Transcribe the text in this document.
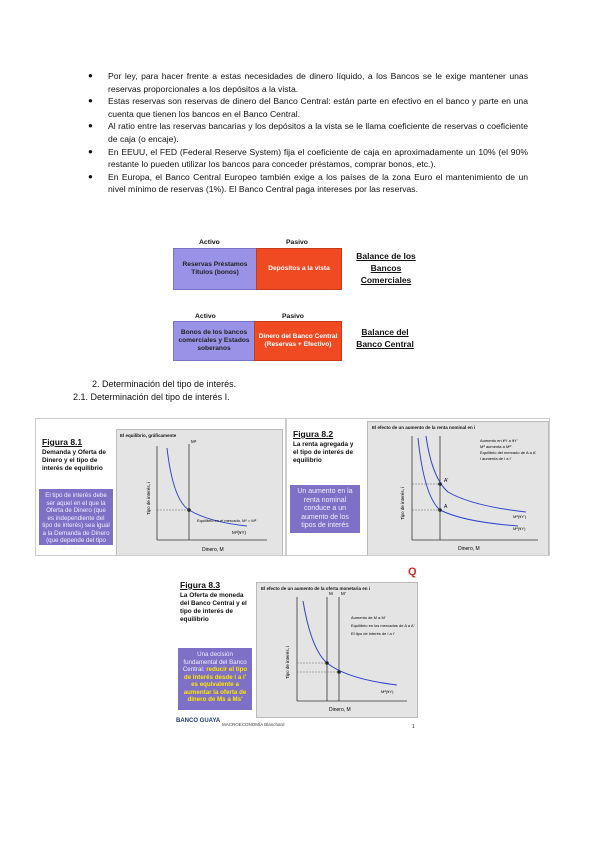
●	Por ley, para hacer frente a estas necesidades de dinero líquido, a los Bancos se le exige mantener unas reservas proporcionales a los depósitos a la vista.
●	Estas reservas son reservas de dinero del Banco Central: están parte en efectivo en el banco y parte en una cuenta que tienen los bancos en el Banco Central.
●	Al ratio entre las reservas bancarias y los depósitos a la vista se le llama coeficiente de reservas o coeficiente de caja (o encaje).
●	En EEUU, el FED (Federal Reserve System) fija el coeficiente de caja en aproximadamente un 10% (el 90% restante lo pueden utilizar los bancos para conceder préstamos, comprar bonos, etc.).
●	En Europa, el Banco Central Europeo también exige a los países de la zona Euro el mantenimiento de un nivel mínimo de reservas (1%). El Banco Central paga intereses por las reservas.
Activo	Pasivo
Reservas Préstamos Títulos (bonos)
Depósitos a la vista
Balance de los Bancos Comerciales
Activo	Pasivo
Bonos de los bancos comerciales y Estados soberanos
Dinero del Banco Central (Reservas + Efectivo)
Balance del Banco Central
2. Determinación del tipo de interés.
2.1. Determinación del tipo de interés I.
Figura 8.1
Demanda y Oferta de Dinero y el tipo de interés de equilibrio
El tipo de interés debe ser aquel en el que la Oferta de Dinero (que es independiente del tipo de interés) sea igual a la Demanda de Dinero (que depende del tipo de interés).
El equilibrio, gráficamente
Mˢ
Equilibrio en el mercado, Mˢ = Mᵈ
Mᵈ(¥Y)
Dinero, M
Tipo de interés, i
Figura 8.2
La renta agregada y el tipo de interés de equilibrio
Un aumento en la renta nominal conduce a un aumento de los tipos de interés
El efecto de un aumento de la renta nominal en i
A'
A
Aumento en ¥Y a ¥Y'
Mᵈ aumenta a Mᵈ'
Equilibrio del mercado de A a A'
i aumenta de i a i'
Mᵈ(¥Y')
Mᵈ(¥Y)
Dinero, M
Tipo de interés, i
Figura 8.3
La Oferta de moneda del Banco Central y el tipo de interés de equilibrio
Una decisión fundamental del Banco Central: reducir el tipo de interés desde i a i' es equivalente a aumentar la oferta de dinero de Ms a Ms'
El efecto de un aumento de la oferta monetaria en i
M M'
Aumento de M a M'
Equilibrio en los mercados de A a A'
El tipo de interés de i a i'
Mᵈ(¥Y)
Dinero, M
Tipo de interés, i
BANCO GUAYA
MACROECONOMÍA Blanchard	1
Q
